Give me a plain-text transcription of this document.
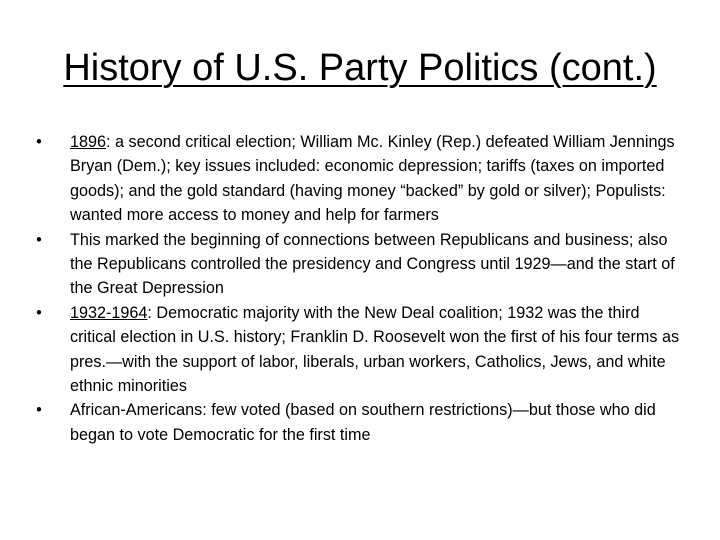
History of U.S. Party Politics (cont.)
•	1896: a second critical election; William Mc. Kinley (Rep.) defeated William Jennings Bryan (Dem.); key issues included: economic depression; tariffs (taxes on imported goods); and the gold standard (having money “backed” by gold or silver); Populists: wanted more access to money and help for farmers
•	This marked the beginning of connections between Republicans and business; also the Republicans controlled the presidency and Congress until 1929—and the start of the Great Depression
•	1932-1964: Democratic majority with the New Deal coalition; 1932 was the third critical election in U.S. history; Franklin D. Roosevelt won the first of his four terms as pres.—with the support of labor, liberals, urban workers, Catholics, Jews, and white ethnic minorities
•	African-Americans: few voted (based on southern restrictions)—but those who did began to vote Democratic for the first time
